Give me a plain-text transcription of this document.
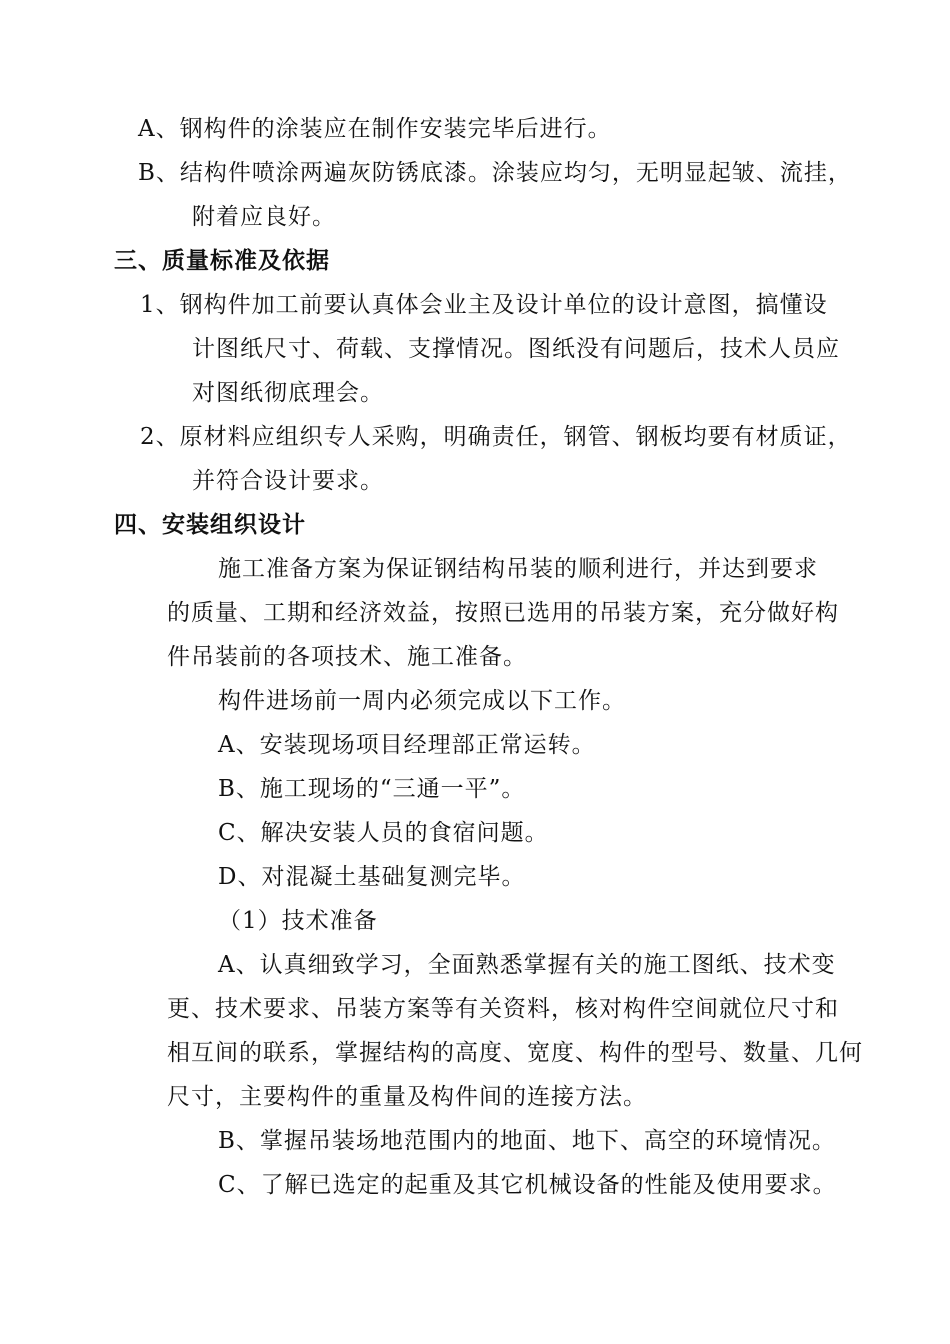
A、钢构件的涂装应在制作安装完毕后进行。
B、结构件喷涂两遍灰防锈底漆。涂装应均匀，无明显起皱、流挂，
附着应良好。
三、质量标准及依据
1、钢构件加工前要认真体会业主及设计单位的设计意图，搞懂设
计图纸尺寸、荷载、支撑情况。图纸没有问题后，技术人员应
对图纸彻底理会。
2、原材料应组织专人采购，明确责任，钢管、钢板均要有材质证，
并符合设计要求。
四、安装组织设计
施工准备方案为保证钢结构吊装的顺利进行，并达到要求
的质量、工期和经济效益，按照已选用的吊装方案，充分做好构
件吊装前的各项技术、施工准备。
构件进场前一周内必须完成以下工作。
A、安装现场项目经理部正常运转。
B、施工现场的“三通一平”。
C、解决安装人员的食宿问题。
D、对混凝土基础复测完毕。
（1）技术准备
A、认真细致学习，全面熟悉掌握有关的施工图纸、技术变
更、技术要求、吊装方案等有关资料，核对构件空间就位尺寸和
相互间的联系，掌握结构的高度、宽度、构件的型号、数量、几何
尺寸，主要构件的重量及构件间的连接方法。
B、掌握吊装场地范围内的地面、地下、高空的环境情况。
C、了解已选定的起重及其它机械设备的性能及使用要求。
